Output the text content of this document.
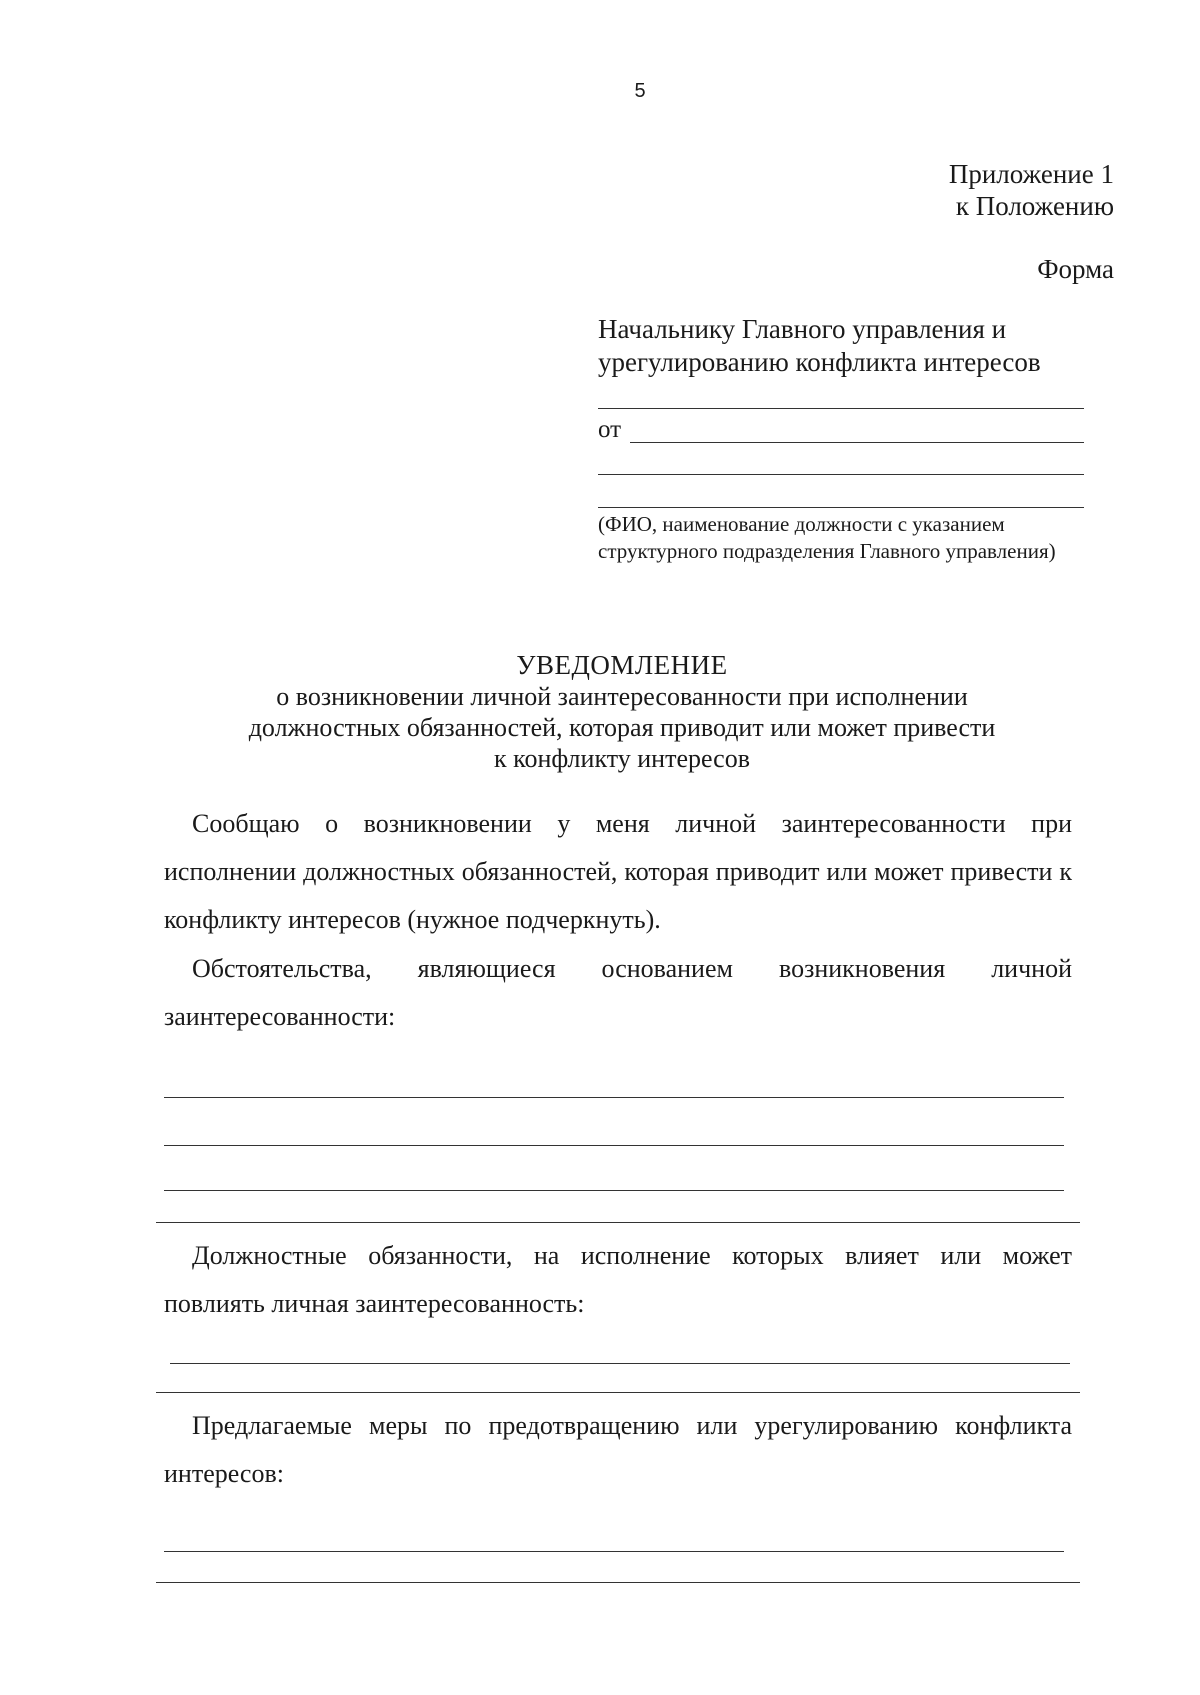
5
Приложение 1
к Положению
Форма
Начальнику Главного управления и урегулированию конфликта интересов
от
(ФИО, наименование должности с указанием структурного подразделения Главного управления)
УВЕДОМЛЕНИЕ
о возникновении личной заинтересованности при исполнении
должностных обязанностей, которая приводит или может привести
к конфликту интересов
Сообщаю о возникновении у меня личной заинтересованности при исполнении должностных обязанностей, которая приводит или может привести к конфликту интересов (нужное подчеркнуть).
Обстоятельства, являющиеся основанием возникновения личной заинтересованности:
Должностные обязанности, на исполнение которых влияет или может повлиять личная заинтересованность:
Предлагаемые меры по предотвращению или урегулированию конфликта интересов:
